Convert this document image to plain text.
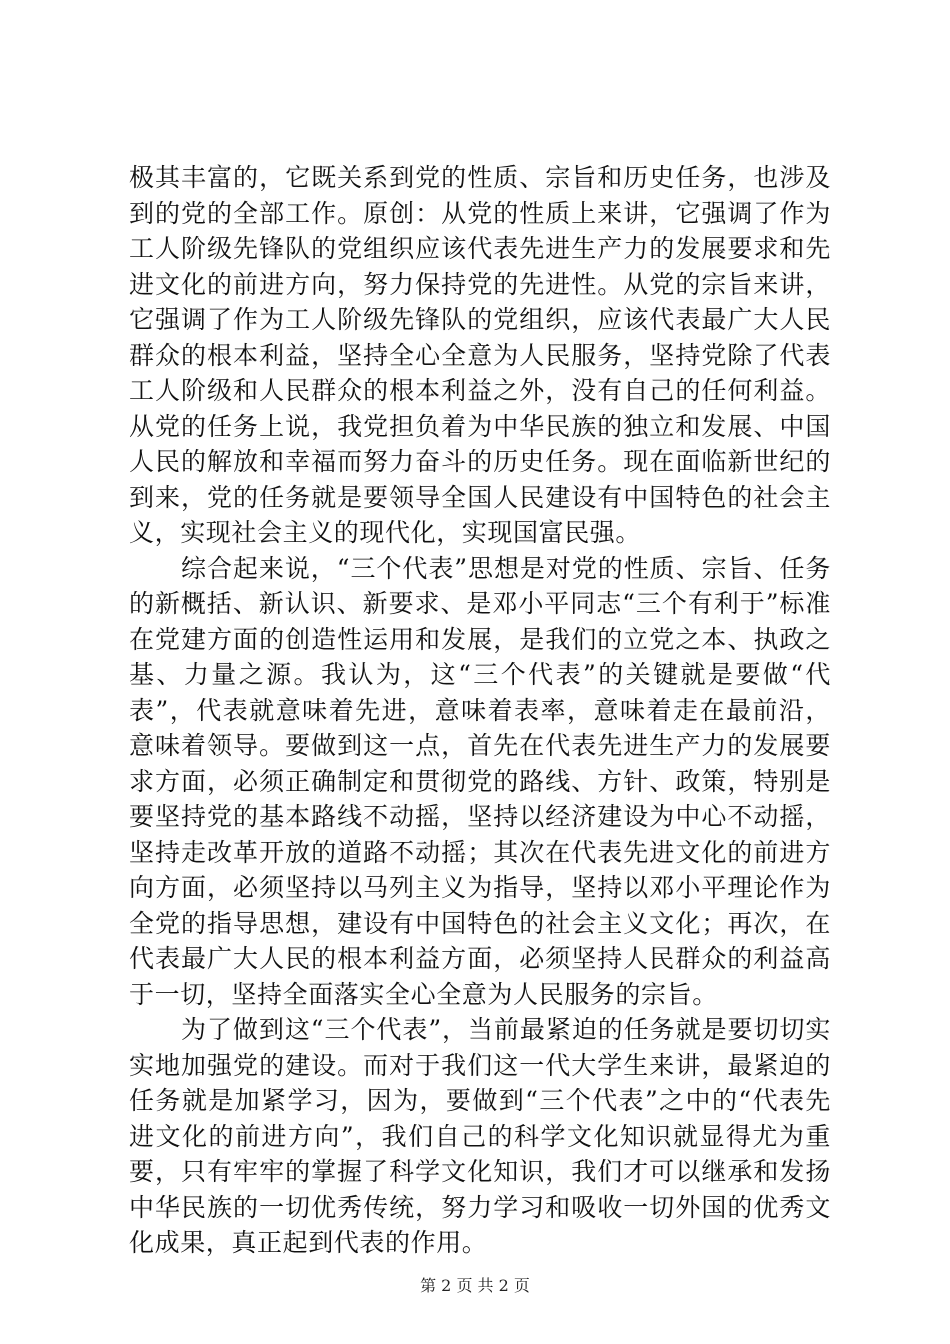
极其丰富的，它既关系到党的性质、宗旨和历史任务，也涉及到的党的全部工作。原创：从党的性质上来讲，它强调了作为工人阶级先锋队的党组织应该代表先进生产力的发展要求和先进文化的前进方向，努力保持党的先进性。从党的宗旨来讲，它强调了作为工人阶级先锋队的党组织，应该代表最广大人民群众的根本利益，坚持全心全意为人民服务，坚持党除了代表工人阶级和人民群众的根本利益之外，没有自己的任何利益。从党的任务上说，我党担负着为中华民族的独立和发展、中国人民的解放和幸福而努力奋斗的历史任务。现在面临新世纪的到来，党的任务就是要领导全国人民建设有中国特色的社会主义，实现社会主义的现代化，实现国富民强。

综合起来说，“三个代表”思想是对党的性质、宗旨、任务的新概括、新认识、新要求、是邓小平同志“三个有利于”标准在党建方面的创造性运用和发展，是我们的立党之本、执政之基、力量之源。我认为，这“三个代表”的关键就是要做“代表”，代表就意味着先进，意味着表率，意味着走在最前沿，意味着领导。要做到这一点，首先在代表先进生产力的发展要求方面，必须正确制定和贯彻党的路线、方针、政策，特别是要坚持党的基本路线不动摇，坚持以经济建设为中心不动摇，坚持走改革开放的道路不动摇；其次在代表先进文化的前进方向方面，必须坚持以马列主义为指导，坚持以邓小平理论作为全党的指导思想，建设有中国特色的社会主义文化；再次，在代表最广大人民的根本利益方面，必须坚持人民群众的利益高于一切，坚持全面落实全心全意为人民服务的宗旨。

为了做到这“三个代表”，当前最紧迫的任务就是要切切实实地加强党的建设。而对于我们这一代大学生来讲，最紧迫的任务就是加紧学习，因为，要做到“三个代表”之中的“代表先进文化的前进方向”，我们自己的科学文化知识就显得尤为重要，只有牢牢的掌握了科学文化知识，我们才可以继承和发扬中华民族的一切优秀传统，努力学习和吸收一切外国的优秀文化成果，真正起到代表的作用。

第 2 页 共 2 页
